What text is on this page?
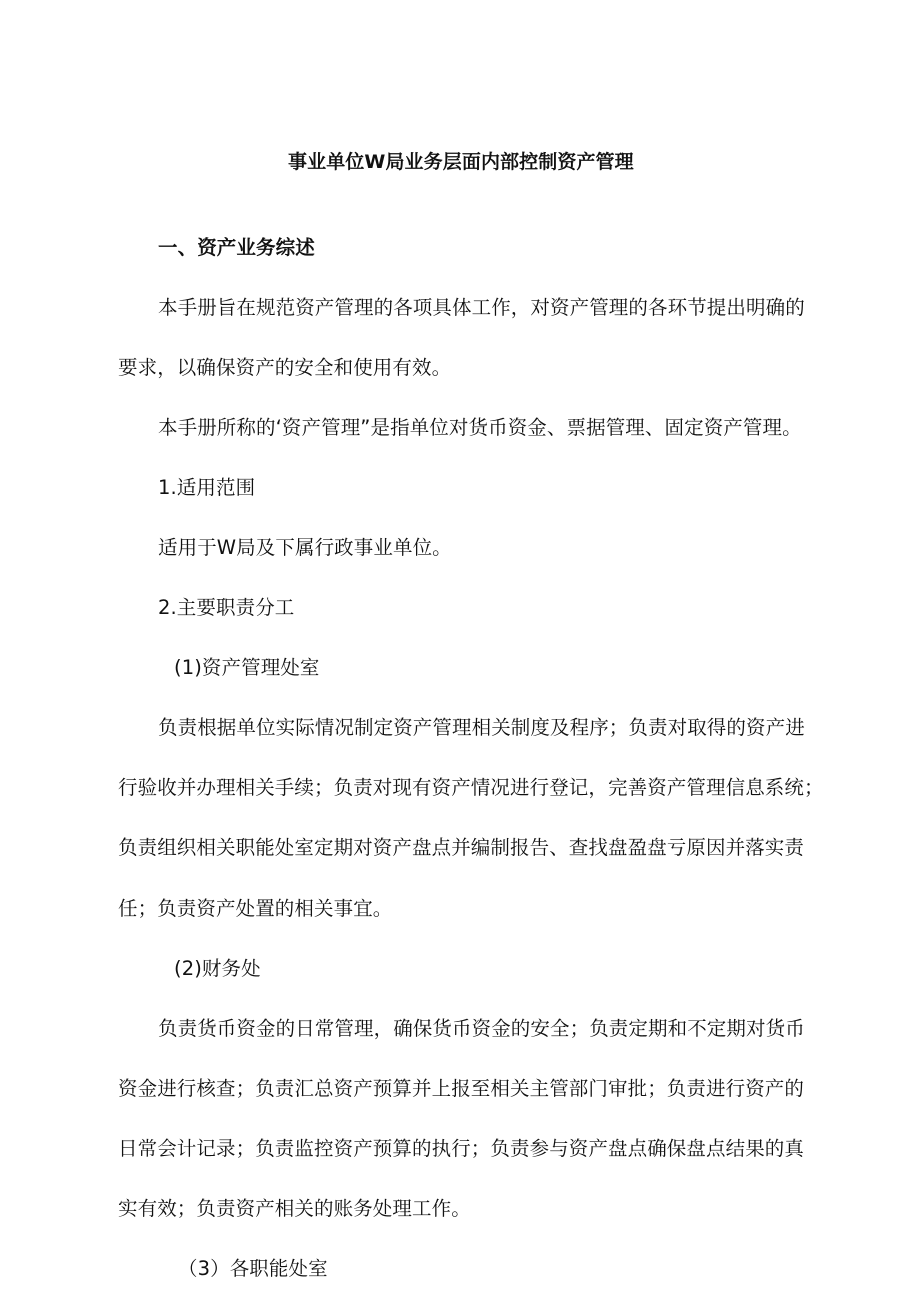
事业单位W局业务层面内部控制资产管理
一、资产业务综述
本手册旨在规范资产管理的各项具体工作，对资产管理的各环节提出明确的
要求，以确保资产的安全和使用有效。
本手册所称的‘资产管理”是指单位对货币资金、票据管理、固定资产管理。
1.适用范围
适用于W局及下属行政事业单位。
2.主要职责分工
(1)资产管理处室
负责根据单位实际情况制定资产管理相关制度及程序；负责对取得的资产进
行验收并办理相关手续；负责对现有资产情况进行登记，完善资产管理信息系统；
负责组织相关职能处室定期对资产盘点并编制报告、查找盘盈盘亏原因并落实责
任；负责资产处置的相关事宜。
(2)财务处
负责货币资金的日常管理，确保货币资金的安全；负责定期和不定期对货币
资金进行核查；负责汇总资产预算并上报至相关主管部门审批；负责进行资产的
日常会计记录；负责监控资产预算的执行；负责参与资产盘点确保盘点结果的真
实有效；负责资产相关的账务处理工作。
（3）各职能处室
